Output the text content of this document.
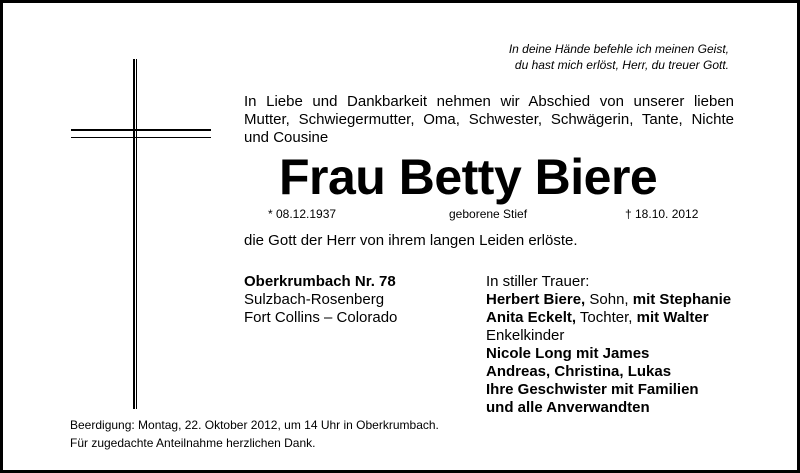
In deine Hände befehle ich meinen Geist,
du hast mich erlöst, Herr, du treuer Gott.
In Liebe und Dankbarkeit nehmen wir Abschied von unserer lieben
Mutter, Schwiegermutter, Oma, Schwester, Schwägerin, Tante, Nichte
und Cousine
Frau Betty Biere
* 08.12.1937	geborene Stief	† 18.10. 2012
die Gott der Herr von ihrem langen Leiden erlöste.
Oberkrumbach Nr. 78
Sulzbach-Rosenberg
Fort Collins – Colorado
In stiller Trauer:
Herbert Biere, Sohn, mit Stephanie
Anita Eckelt, Tochter, mit Walter
Enkelkinder
Nicole Long mit James
Andreas, Christina, Lukas
Ihre Geschwister mit Familien
und alle Anverwandten
Beerdigung: Montag, 22. Oktober 2012, um 14 Uhr in Oberkrumbach.
Für zugedachte Anteilnahme herzlichen Dank.
